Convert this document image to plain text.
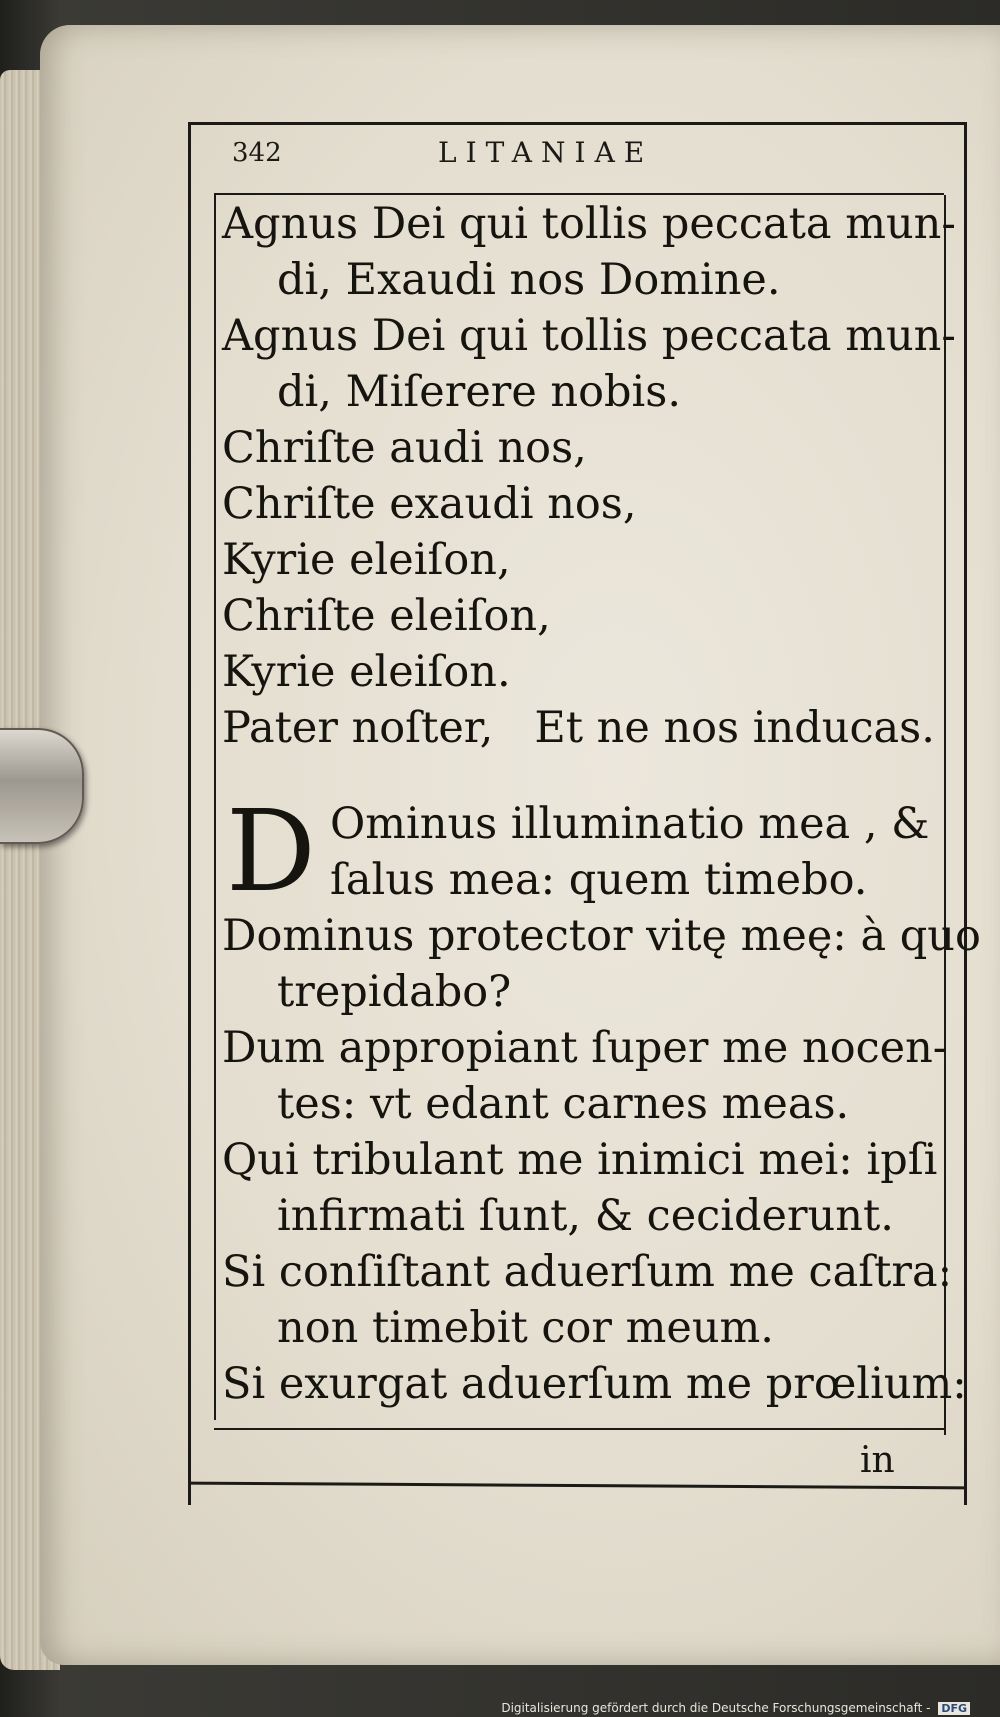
342	LITANIAE
Agnus Dei qui tollis peccata mun-
di, Exaudi nos Domine.
Agnus Dei qui tollis peccata mun-
di, Miſerere nobis.
Chriſte audi nos,
Chriſte exaudi nos,
Kyrie eleiſon,
Chriſte eleiſon,
Kyrie eleiſon.
Pater noſter,   Et ne nos inducas.
D Ominus illuminatio mea , &
ſalus mea: quem timebo.
Dominus protector vitę meę: à quo
trepidabo?
Dum appropiant ſuper me nocen-
tes: vt edant carnes meas.
Qui tribulant me inimici mei: ipſi
infirmati ſunt, & ceciderunt.
Si conſiſtant aduerſum me caſtra:
non timebit cor meum.
Si exurgat aduerſum me prœlium:
in
Digitalisierung gefördert durch die Deutsche Forschungsgemeinschaft - DFG
